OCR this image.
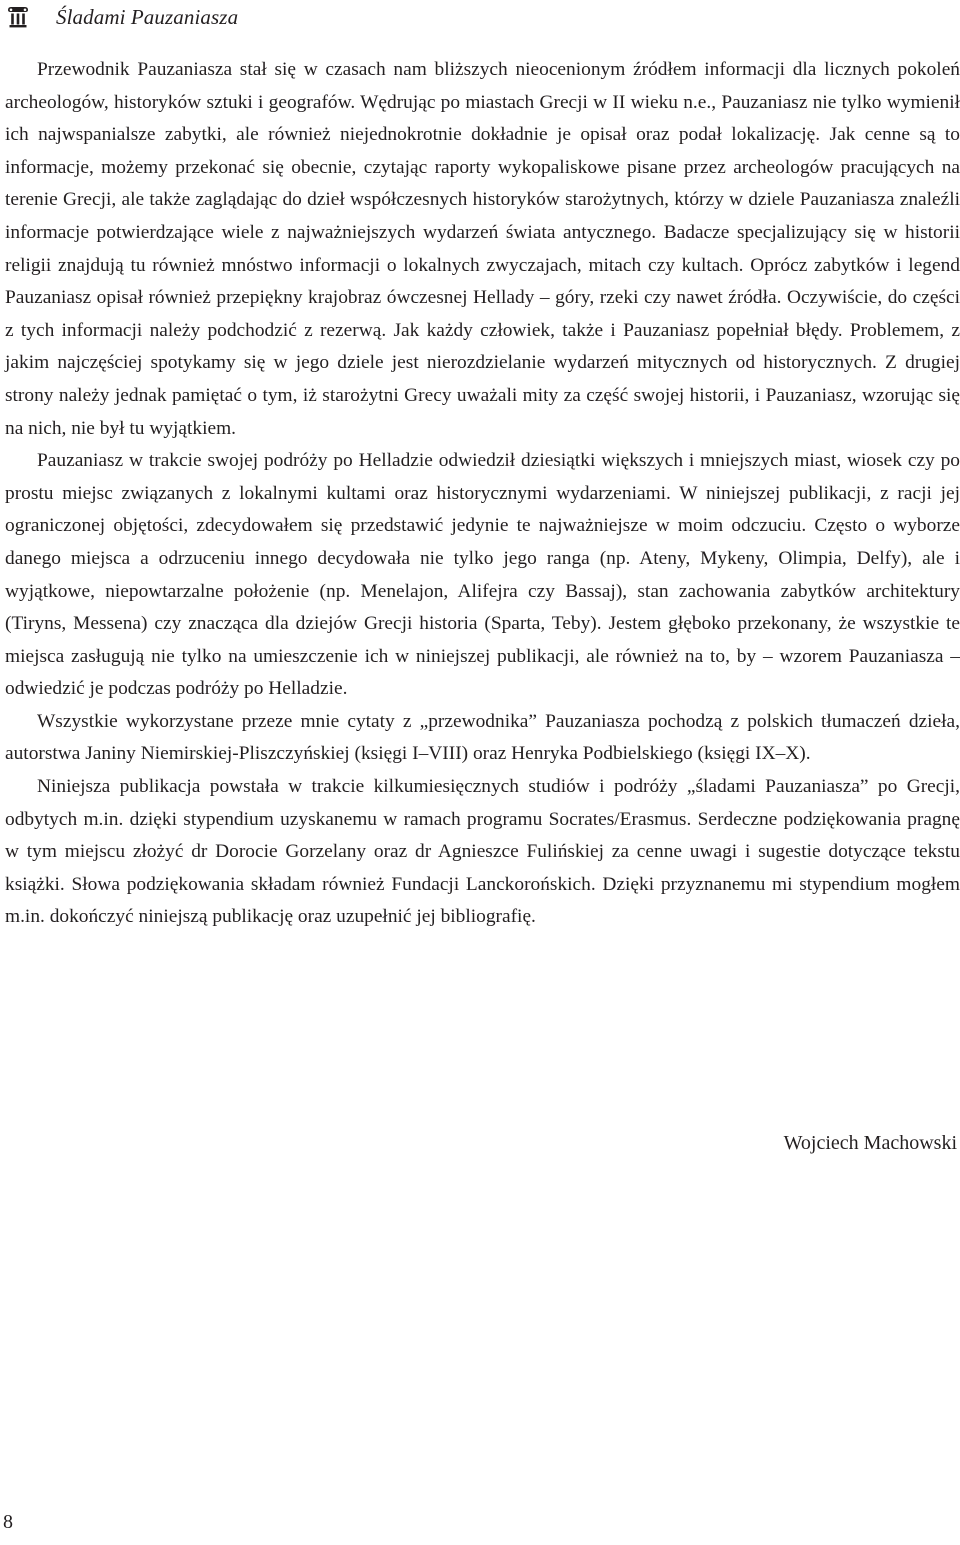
Śladami Pauzaniasza

Przewodnik Pauzaniasza stał się w czasach nam bliższych nieocenionym źródłem informacji dla licznych pokoleń archeologów, historyków sztuki i geografów. Wędrując po miastach Grecji w II wieku n.e., Pauzaniasz nie tylko wymienił ich najwspanialsze zabytki, ale również niejednokrotnie dokładnie je opisał oraz podał lokalizację. Jak cenne są to informacje, możemy przekonać się obecnie, czytając raporty wykopaliskowe pisane przez archeologów pracujących na terenie Grecji, ale także zaglądając do dzieł współczesnych historyków starożytnych, którzy w dziele Pauzaniasza znaleźli informacje potwierdzające wiele z najważniejszych wydarzeń świata antycznego. Badacze specjalizujący się w historii religii znajdują tu również mnóstwo informacji o lokalnych zwyczajach, mitach czy kultach. Oprócz zabytków i legend Pauzaniasz opisał również przepiękny krajobraz ówczesnej Hellady – góry, rzeki czy nawet źródła. Oczywiście, do części z tych informacji należy podchodzić z rezerwą. Jak każdy człowiek, także i Pauzaniasz popełniał błędy. Problemem, z jakim najczęściej spotykamy się w jego dziele jest nierozdzielanie wydarzeń mitycznych od historycznych. Z drugiej strony należy jednak pamiętać o tym, iż starożytni Grecy uważali mity za część swojej historii, i Pauzaniasz, wzorując się na nich, nie był tu wyjątkiem.

Pauzaniasz w trakcie swojej podróży po Helladzie odwiedził dziesiątki większych i mniejszych miast, wiosek czy po prostu miejsc związanych z lokalnymi kultami oraz historycznymi wydarzeniami. W niniejszej publikacji, z racji jej ograniczonej objętości, zdecydowałem się przedstawić jedynie te najważniejsze w moim odczuciu. Często o wyborze danego miejsca a odrzuceniu innego decydowała nie tylko jego ranga (np. Ateny, Mykeny, Olimpia, Delfy), ale i wyjątkowe, niepowtarzalne położenie (np. Menelajon, Alifejra czy Bassaj), stan zachowania zabytków architektury (Tiryns, Messena) czy znacząca dla dziejów Grecji historia (Sparta, Teby). Jestem głęboko przekonany, że wszystkie te miejsca zasługują nie tylko na umieszczenie ich w niniejszej publikacji, ale również na to, by – wzorem Pauzaniasza – odwiedzić je podczas podróży po Helladzie.

Wszystkie wykorzystane przeze mnie cytaty z „przewodnika” Pauzaniasza pochodzą z polskich tłumaczeń dzieła, autorstwa Janiny Niemirskiej-Pliszczyńskiej (księgi I–VIII) oraz Henryka Podbielskiego (księgi IX–X).

Niniejsza publikacja powstała w trakcie kilkumiesięcznych studiów i podróży „śladami Pauzaniasza” po Grecji, odbytych m.in. dzięki stypendium uzyskanemu w ramach programu Socrates/Erasmus. Serdeczne podziękowania pragnę w tym miejscu złożyć dr Dorocie Gorzelany oraz dr Agnieszce Fulińskiej za cenne uwagi i sugestie dotyczące tekstu książki. Słowa podziękowania składam również Fundacji Lanckorońskich. Dzięki przyznanemu mi stypendium mogłem m.in. dokończyć niniejszą publikację oraz uzupełnić jej bibliografię.

Wojciech Machowski
8
